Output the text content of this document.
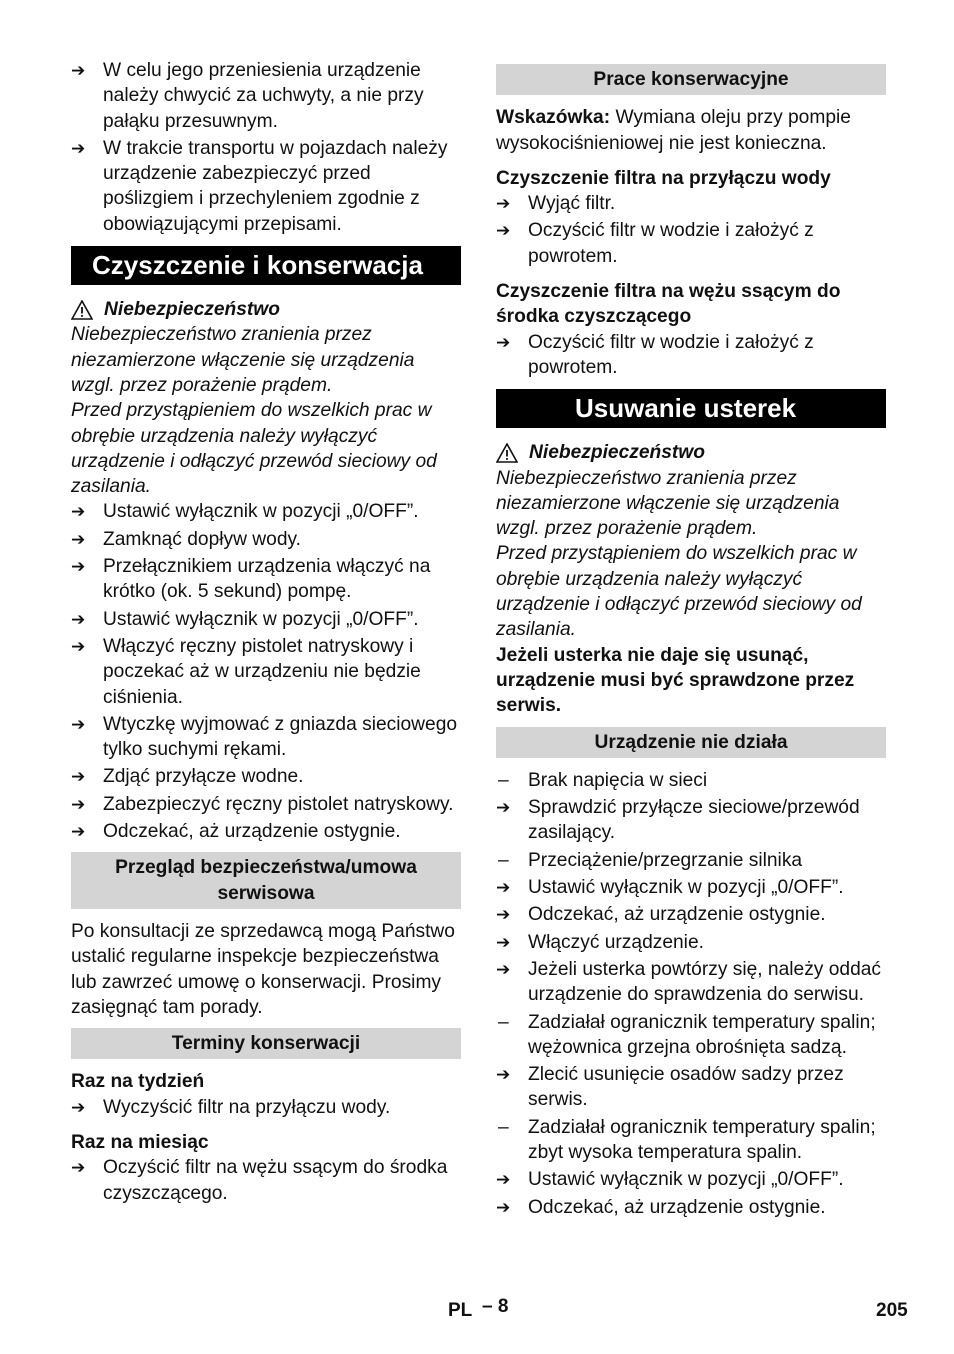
➔ W celu jego przeniesienia urządzenie należy chwycić za uchwyty, a nie przy pałąku przesuwnym.
➔ W trakcie transportu w pojazdach należy urządzenie zabezpieczyć przed poślizgiem i przechyleniem zgodnie z obowiązującymi przepisami.
Czyszczenie i konserwacja
Niebezpieczeństwo

Niebezpieczeństwo zranienia przez niezamierzone włączenie się urządzenia wzgl. przez porażenie prądem.

Przed przystąpieniem do wszelkich prac w obrębie urządzenia należy wyłączyć urządzenie i odłączyć przewód sieciowy od zasilania.

➔ Ustawić wyłącznik w pozycji „0/OFF”.
➔ Zamknąć dopływ wody.
➔ Przełącznikiem urządzenia włączyć na krótko (ok. 5 sekund) pompę.
➔ Ustawić wyłącznik w pozycji „0/OFF”.
➔ Włączyć ręczny pistolet natryskowy i poczekać aż w urządzeniu nie będzie ciśnienia.
➔ Wtyczkę wyjmować z gniazda sieciowego tylko suchymi rękami.
➔ Zdjąć przyłącze wodne.
➔ Zabezpieczyć ręczny pistolet natryskowy.
➔ Odczekać, aż urządzenie ostygnie.
Przegląd bezpieczeństwa/umowa serwisowa

Po konsultacji ze sprzedawcą mogą Państwo ustalić regularne inspekcje bezpieczeństwa lub zawrzeć umowę o konserwacji. Prosimy zasięgnąć tam porady.

Terminy konserwacji
Raz na tydzień
➔ Wyczyścić filtr na przyłączu wody.
Raz na miesiąc
➔ Oczyścić filtr na wężu ssącym do środka czyszczącego.
Prace konserwacyjne

Wskazówka: Wymiana oleju przy pompie wysokociśnieniowej nie jest konieczna.

Czyszczenie filtra na przyłączu wody
➔ Wyjąć filtr.
➔ Oczyścić filtr w wodzie i założyć z powrotem.
Czyszczenie filtra na wężu ssącym do środka czyszczącego
➔ Oczyścić filtr w wodzie i założyć z powrotem.
Usuwanie usterek
Niebezpieczeństwo

Niebezpieczeństwo zranienia przez niezamierzone włączenie się urządzenia wzgl. przez porażenie prądem.

Przed przystąpieniem do wszelkich prac w obrębie urządzenia należy wyłączyć urządzenie i odłączyć przewód sieciowy od zasilania.

Jeżeli usterka nie daje się usunąć, urządzenie musi być sprawdzone przez serwis.

Urządzenie nie działa
–	Brak napięcia w sieci
➔ Sprawdzić przyłącze sieciowe/przewód zasilający.
–	Przeciążenie/przegrzanie silnika
➔ Ustawić wyłącznik w pozycji „0/OFF”.
➔ Odczekać, aż urządzenie ostygnie.
➔ Włączyć urządzenie.
➔ Jeżeli usterka powtórzy się, należy oddać urządzenie do sprawdzenia do serwisu.
–	Zadziałał ogranicznik temperatury spalin; wężownica grzejna obrośnięta sadzą.
➔ Zlecić usunięcie osadów sadzy przez serwis.
–	Zadziałał ogranicznik temperatury spalin; zbyt wysoka temperatura spalin.
➔ Ustawić wyłącznik w pozycji „0/OFF”.
➔ Odczekać, aż urządzenie ostygnie.
PL – 8	205
